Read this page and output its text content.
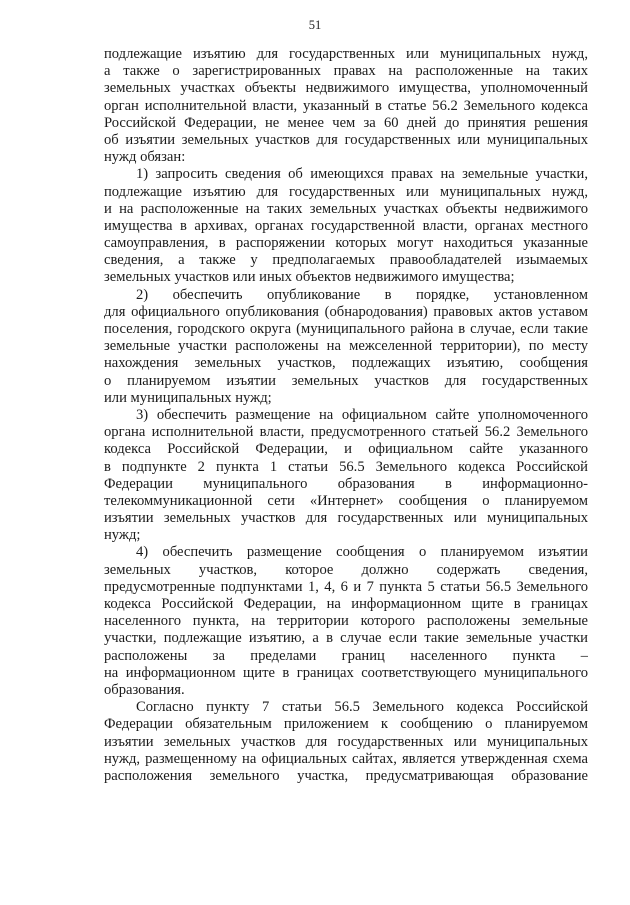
51
подлежащие изъятию для государственных или муниципальных нужд,
а также о зарегистрированных правах на расположенные на таких
земельных участках объекты недвижимого имущества, уполномоченный
орган исполнительной власти, указанный в статье 56.2 Земельного кодекса
Российской Федерации, не менее чем за 60 дней до принятия решения
об изъятии земельных участков для государственных или муниципальных
нужд обязан:
1) запросить сведения об имеющихся правах на земельные участки,
подлежащие изъятию для государственных или муниципальных нужд,
и на расположенные на таких земельных участках объекты недвижимого
имущества в архивах, органах государственной власти, органах местного
самоуправления, в распоряжении которых могут находиться указанные
сведения, а также у предполагаемых правообладателей изымаемых
земельных участков или иных объектов недвижимого имущества;
2) обеспечить опубликование в порядке, установленном
для официального опубликования (обнародования) правовых актов уставом
поселения, городского округа (муниципального района в случае, если такие
земельные участки расположены на межселенной территории), по месту
нахождения земельных участков, подлежащих изъятию, сообщения
о планируемом изъятии земельных участков для государственных
или муниципальных нужд;
3) обеспечить размещение на официальном сайте уполномоченного
органа исполнительной власти, предусмотренного статьей 56.2 Земельного
кодекса Российской Федерации, и официальном сайте указанного
в подпункте 2 пункта 1 статьи 56.5 Земельного кодекса Российской
Федерации муниципального образования в информационно-
телекоммуникационной сети «Интернет» сообщения о планируемом
изъятии земельных участков для государственных или муниципальных
нужд;
4) обеспечить размещение сообщения о планируемом изъятии
земельных участков, которое должно содержать сведения,
предусмотренные подпунктами 1, 4, 6 и 7 пункта 5 статьи 56.5 Земельного
кодекса Российской Федерации, на информационном щите в границах
населенного пункта, на территории которого расположены земельные
участки, подлежащие изъятию, а в случае если такие земельные участки
расположены за пределами границ населенного пункта –
на информационном щите в границах соответствующего муниципального
образования.
Согласно пункту 7 статьи 56.5 Земельного кодекса Российской
Федерации обязательным приложением к сообщению о планируемом
изъятии земельных участков для государственных или муниципальных
нужд, размещенному на официальных сайтах, является утвержденная схема
расположения земельного участка, предусматривающая образование
